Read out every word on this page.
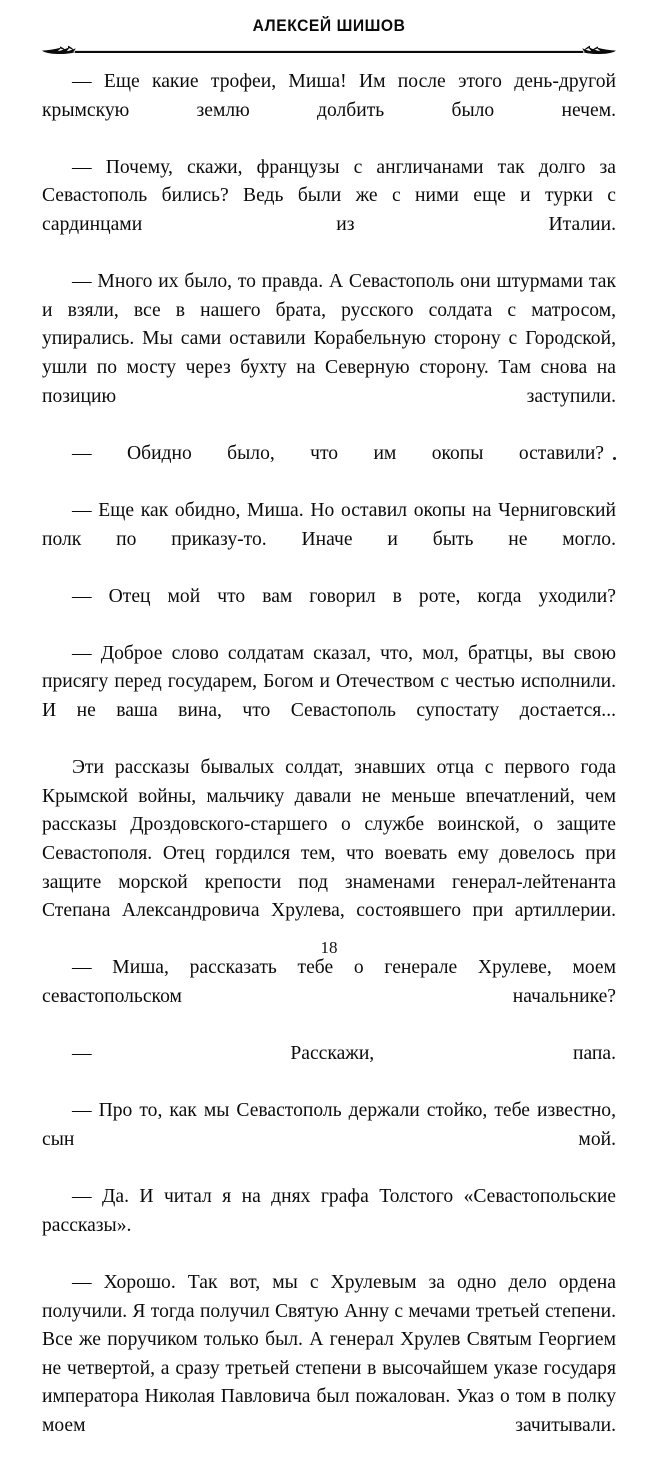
АЛЕКСЕЙ ШИШОВ

— Еще какие трофеи, Миша! Им после этого день-другой крымскую землю долбить было нечем.

— Почему, скажи, французы с англичанами так долго за Севастополь бились? Ведь были же с ними еще и турки с сардинцами из Италии.

— Много их было, то правда. А Севастополь они штурмами так и взяли, все в нашего брата, русского солдата с матросом, упирались. Мы сами оставили Корабельную сторону с Городской, ушли по мосту через бухту на Северную сторону. Там снова на позицию заступили.

— Обидно было, что им окопы оставили?

— Еще как обидно, Миша. Но оставил окопы на Черниговский полк по приказу-то. Иначе и быть не могло.

— Отец мой что вам говорил в роте, когда уходили?

— Доброе слово солдатам сказал, что, мол, братцы, вы свою присягу перед государем, Богом и Отечеством с честью исполнили. И не ваша вина, что Севастополь супостату достается...

Эти рассказы бывалых солдат, знавших отца с первого года Крымской войны, мальчику давали не меньше впечатлений, чем рассказы Дроздовского-старшего о службе воинской, о защите Севастополя. Отец гордился тем, что воевать ему довелось при защите морской крепости под знаменами генерал-лейтенанта Степана Александровича Хрулева, состоявшего при артиллерии.

— Миша, рассказать тебе о генерале Хрулеве, моем севастопольском начальнике?

— Расскажи, папа.

— Про то, как мы Севастополь держали стойко, тебе известно, сын мой.

— Да. И читал я на днях графа Толстого «Севастопольские рассказы».

— Хорошо. Так вот, мы с Хрулевым за одно дело ордена получили. Я тогда получил Святую Анну с мечами третьей степени. Все же поручиком только был. А генерал Хрулев Святым Георгием не четвертой, а сразу третьей степени в высочайшем указе государя императора Николая Павловича был пожалован. Указ о том в полку моем зачитывали.

18
